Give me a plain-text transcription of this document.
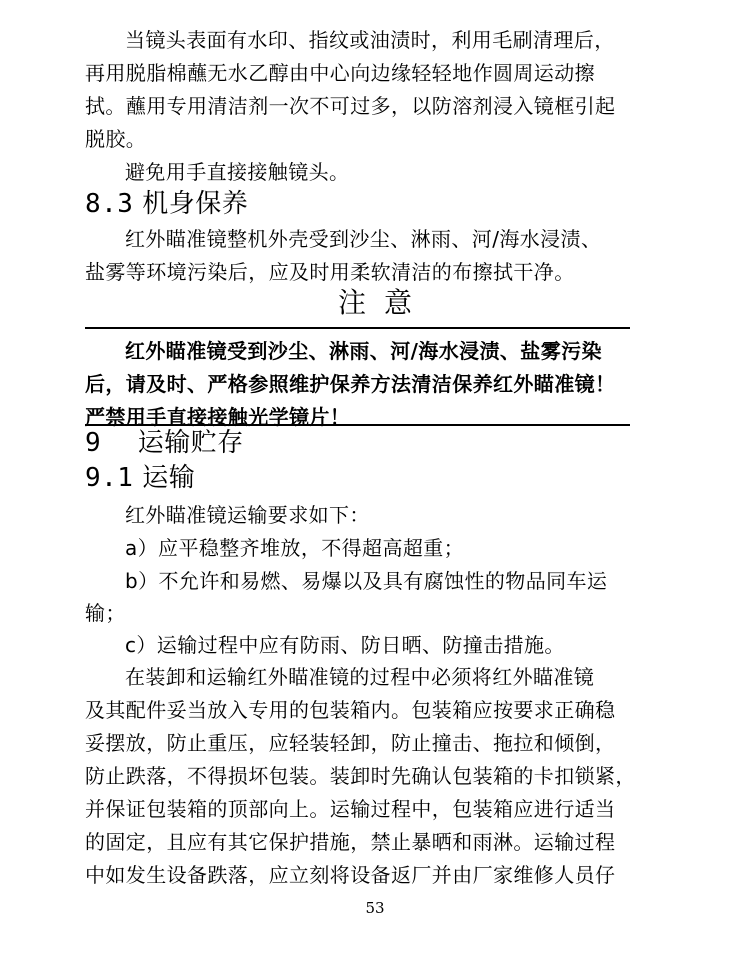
当镜头表面有水印、指纹或油渍时，利用毛刷清理后，
再用脱脂棉蘸无水乙醇由中心向边缘轻轻地作圆周运动擦
拭。蘸用专用清洁剂一次不可过多，以防溶剂浸入镜框引起
脱胶。
避免用手直接接触镜头。
8.3 机身保养
红外瞄准镜整机外壳受到沙尘、淋雨、河/海水浸渍、
盐雾等环境污染后，应及时用柔软清洁的布擦拭干净。
注意
红外瞄准镜受到沙尘、淋雨、河/海水浸渍、盐雾污染
后，请及时、严格参照维护保养方法清洁保养红外瞄准镜！
严禁用手直接接触光学镜片！
9 运输贮存
9.1 运输
红外瞄准镜运输要求如下：
a）应平稳整齐堆放，不得超高超重；
b）不允许和易燃、易爆以及具有腐蚀性的物品同车运
输；
c）运输过程中应有防雨、防日晒、防撞击措施。
在装卸和运输红外瞄准镜的过程中必须将红外瞄准镜
及其配件妥当放入专用的包装箱内。包装箱应按要求正确稳
妥摆放，防止重压，应轻装轻卸，防止撞击、拖拉和倾倒，
防止跌落，不得损坏包装。装卸时先确认包装箱的卡扣锁紧，
并保证包装箱的顶部向上。运输过程中，包装箱应进行适当
的固定，且应有其它保护措施，禁止暴晒和雨淋。运输过程
中如发生设备跌落，应立刻将设备返厂并由厂家维修人员仔
53
